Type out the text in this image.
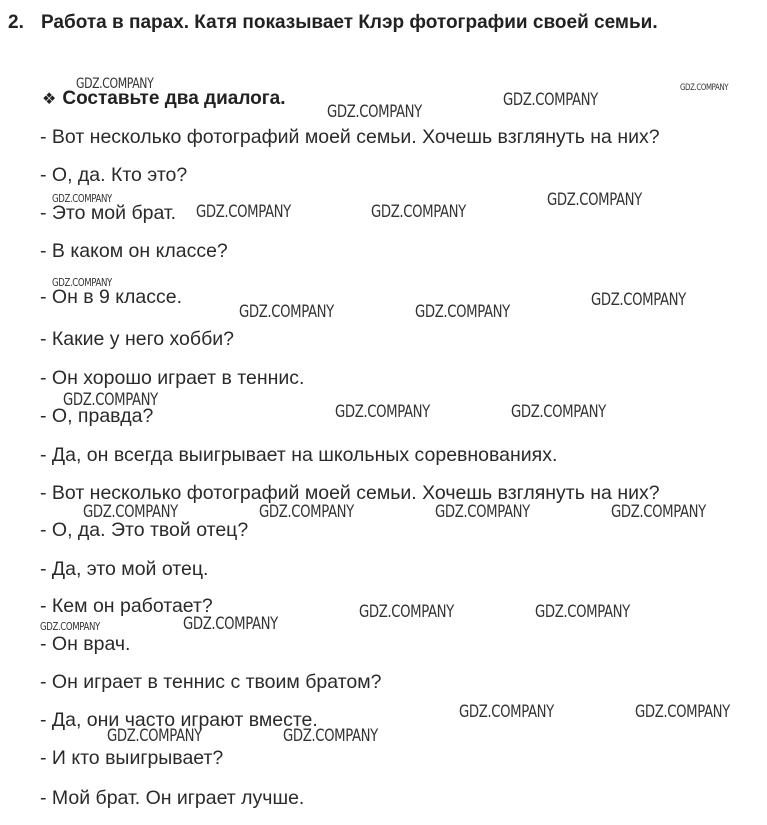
2. Работа в парах. Катя показывает Клэр фотографии своей семьи.
❖ Составьте два диалога.
- Вот несколько фотографий моей семьи. Хочешь взглянуть на них?
- О, да. Кто это?
- Это мой брат.
- В каком он классе?
- Он в 9 классе.
- Какие у него хобби?
- Он хорошо играет в теннис.
- О, правда?
- Да, он всегда выигрывает на школьных соревнованиях.
- Вот несколько фотографий моей семьи. Хочешь взглянуть на них?
- О, да. Это твой отец?
- Да, это мой отец.
- Кем он работает?
- Он врач.
- Он играет в теннис с твоим братом?
- Да, они часто играют вместе.
- И кто выигрывает?
- Мой брат. Он играет лучше.
GDZ.COMPANY
GDZ.COMPANY
GDZ.COMPANY
GDZ.COMPANY
GDZ.COMPANY
GDZ.COMPANY	GDZ.COMPANY
GDZ.COMPANY
GDZ.COMPANY
GDZ.COMPANY	GDZ.COMPANY
GDZ.COMPANY
GDZ.COMPANY
GDZ.COMPANY	GDZ.COMPANY
GDZ.COMPANY	GDZ.COMPANY	GDZ.COMPANY	GDZ.COMPANY
GDZ.COMPANY	GDZ.COMPANY
GDZ.COMPANY	GDZ.COMPANY
GDZ.COMPANY	GDZ.COMPANY
GDZ.COMPANY	GDZ.COMPANY
